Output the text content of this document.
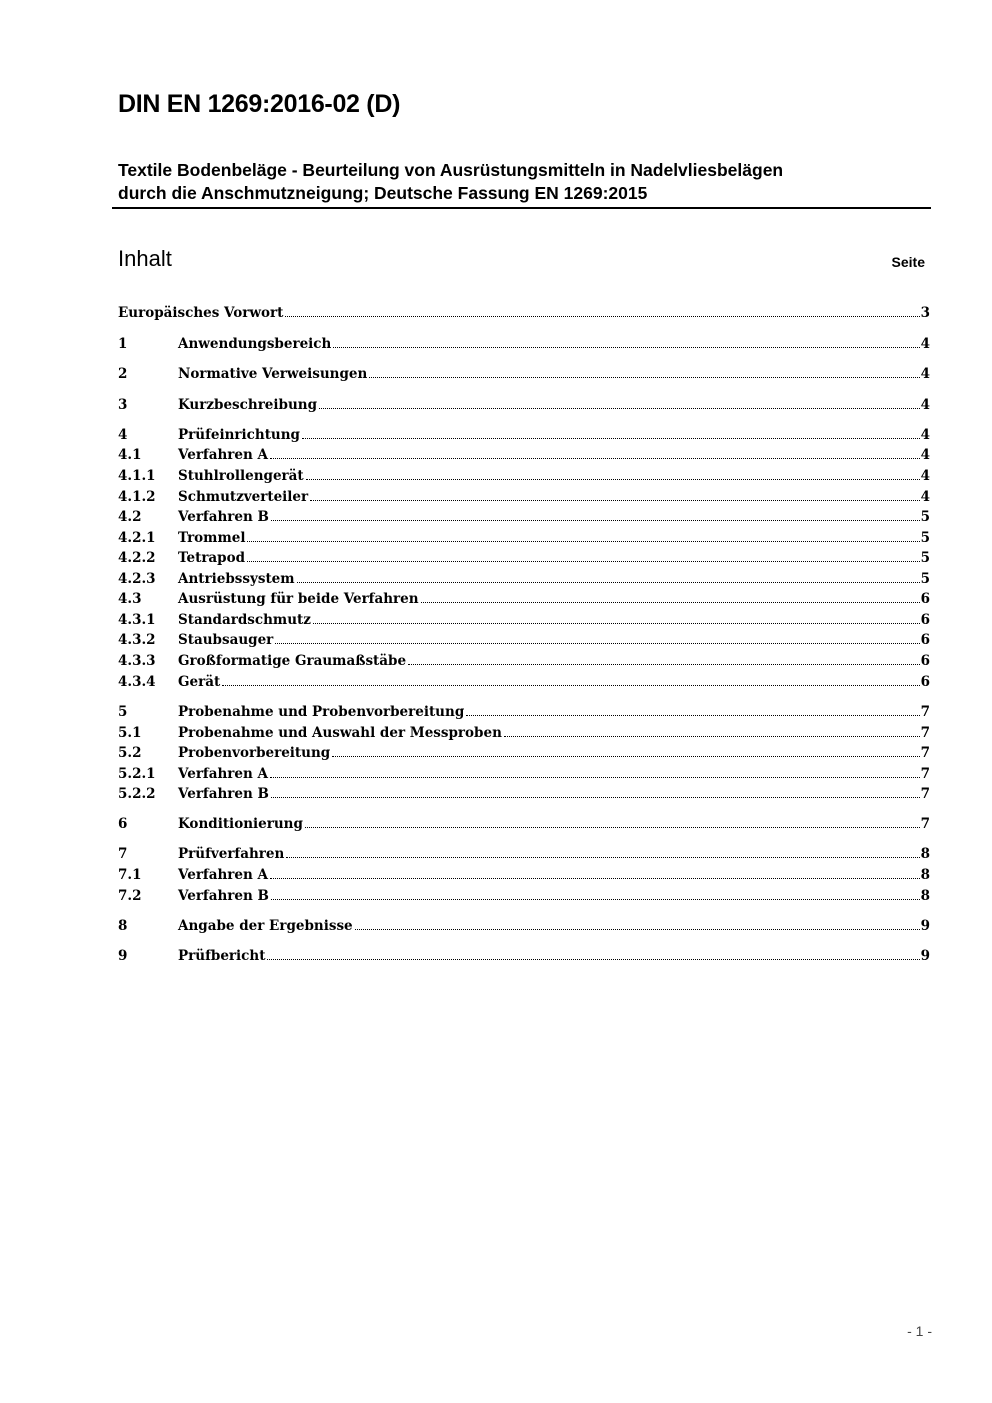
DIN EN 1269:2016-02 (D)
Textile Bodenbeläge - Beurteilung von Ausrüstungsmitteln in Nadelvliesbelägen
durch die Anschmutzneigung; Deutsche Fassung EN 1269:2015
Inhalt	Seite
Europäisches Vorwort	3
1	Anwendungsbereich	4
2	Normative Verweisungen	4
3	Kurzbeschreibung	4
4	Prüfeinrichtung	4
4.1	Verfahren A	4
4.1.1	Stuhlrollengerät	4
4.1.2	Schmutzverteiler	4
4.2	Verfahren B	5
4.2.1	Trommel	5
4.2.2	Tetrapod	5
4.2.3	Antriebssystem	5
4.3	Ausrüstung für beide Verfahren	6
4.3.1	Standardschmutz	6
4.3.2	Staubsauger	6
4.3.3	Großformatige Graumaßstäbe	6
4.3.4	Gerät	6
5	Probenahme und Probenvorbereitung	7
5.1	Probenahme und Auswahl der Messproben	7
5.2	Probenvorbereitung	7
5.2.1	Verfahren A	7
5.2.2	Verfahren B	7
6	Konditionierung	7
7	Prüfverfahren	8
7.1	Verfahren A	8
7.2	Verfahren B	8
8	Angabe der Ergebnisse	9
9	Prüfbericht	9
- 1 -
